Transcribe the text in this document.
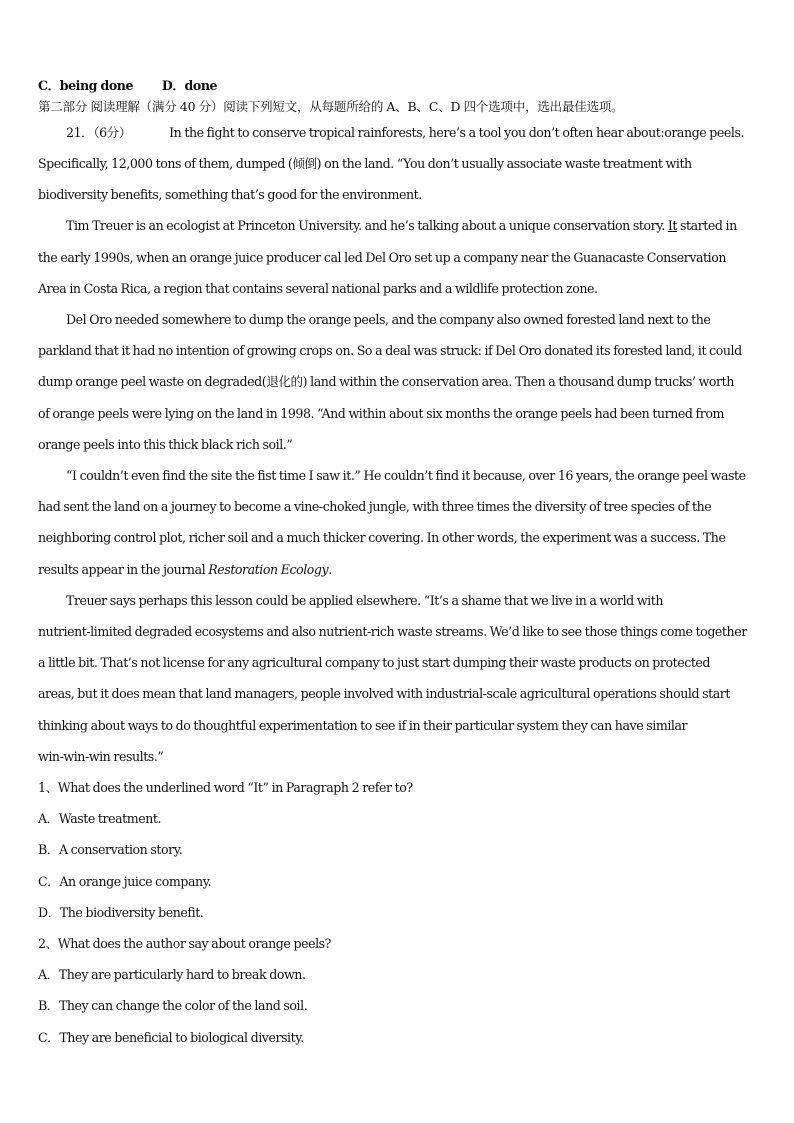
C．being done D．done
第二部分 阅读理解（满分 40 分）阅读下列短文，从每题所给的 A、B、C、D 四个选项中，选出最佳选项。
21．（6分）	In the fight to conserve tropical rainforests, here’s a tool you don’t often hear about:orange peels.
Specifically, 12,000 tons of them, dumped (倾倒) on the land. “You don’t usually associate waste treatment with
biodiversity benefits, something that’s good for the environment.
Tim Treuer is an ecologist at Princeton University. and he’s talking about a unique conservation story. It started in
the early 1990s, when an orange juice producer cal led Del Oro set up a company near the Guanacaste Conservation
Area in Costa Rica, a region that contains several national parks and a wildlife protection zone.
Del Oro needed somewhere to dump the orange peels, and the company also owned forested land next to the
parkland that it had no intention of growing crops on. So a deal was struck: if Del Oro donated its forested land, it could
dump orange peel waste on degraded(退化的) land within the conservation area. Then a thousand dump trucks’ worth
of orange peels were lying on the land in 1998. “And within about six months the orange peels had been turned from
orange peels into this thick black rich soil.”
“I couldn’t even find the site the fist time I saw it.” He couldn’t find it because, over 16 years, the orange peel waste
had sent the land on a journey to become a vine-choked jungle, with three times the diversity of tree species of the
neighboring control plot, richer soil and a much thicker covering. In other words, the experiment was a success. The
results appear in the journal Restoration Ecology.
Treuer says perhaps this lesson could be applied elsewhere. “It’s a shame that we live in a world with
nutrient-limited degraded ecosystems and also nutrient-rich waste streams. We’d like to see those things come together
a little bit. That’s not license for any agricultural company to just start dumping their waste products on protected
areas, but it does mean that land managers, people involved with industrial-scale agricultural operations should start
thinking about ways to do thoughtful experimentation to see if in their particular system they can have similar
win-win-win results.”
1、What does the underlined word “It” in Paragraph 2 refer to?
A．Waste treatment.
B．A conservation story.
C．An orange juice company.
D．The biodiversity benefit.
2、What does the author say about orange peels?
A．They are particularly hard to break down.
B．They can change the color of the land soil.
C．They are beneficial to biological diversity.
